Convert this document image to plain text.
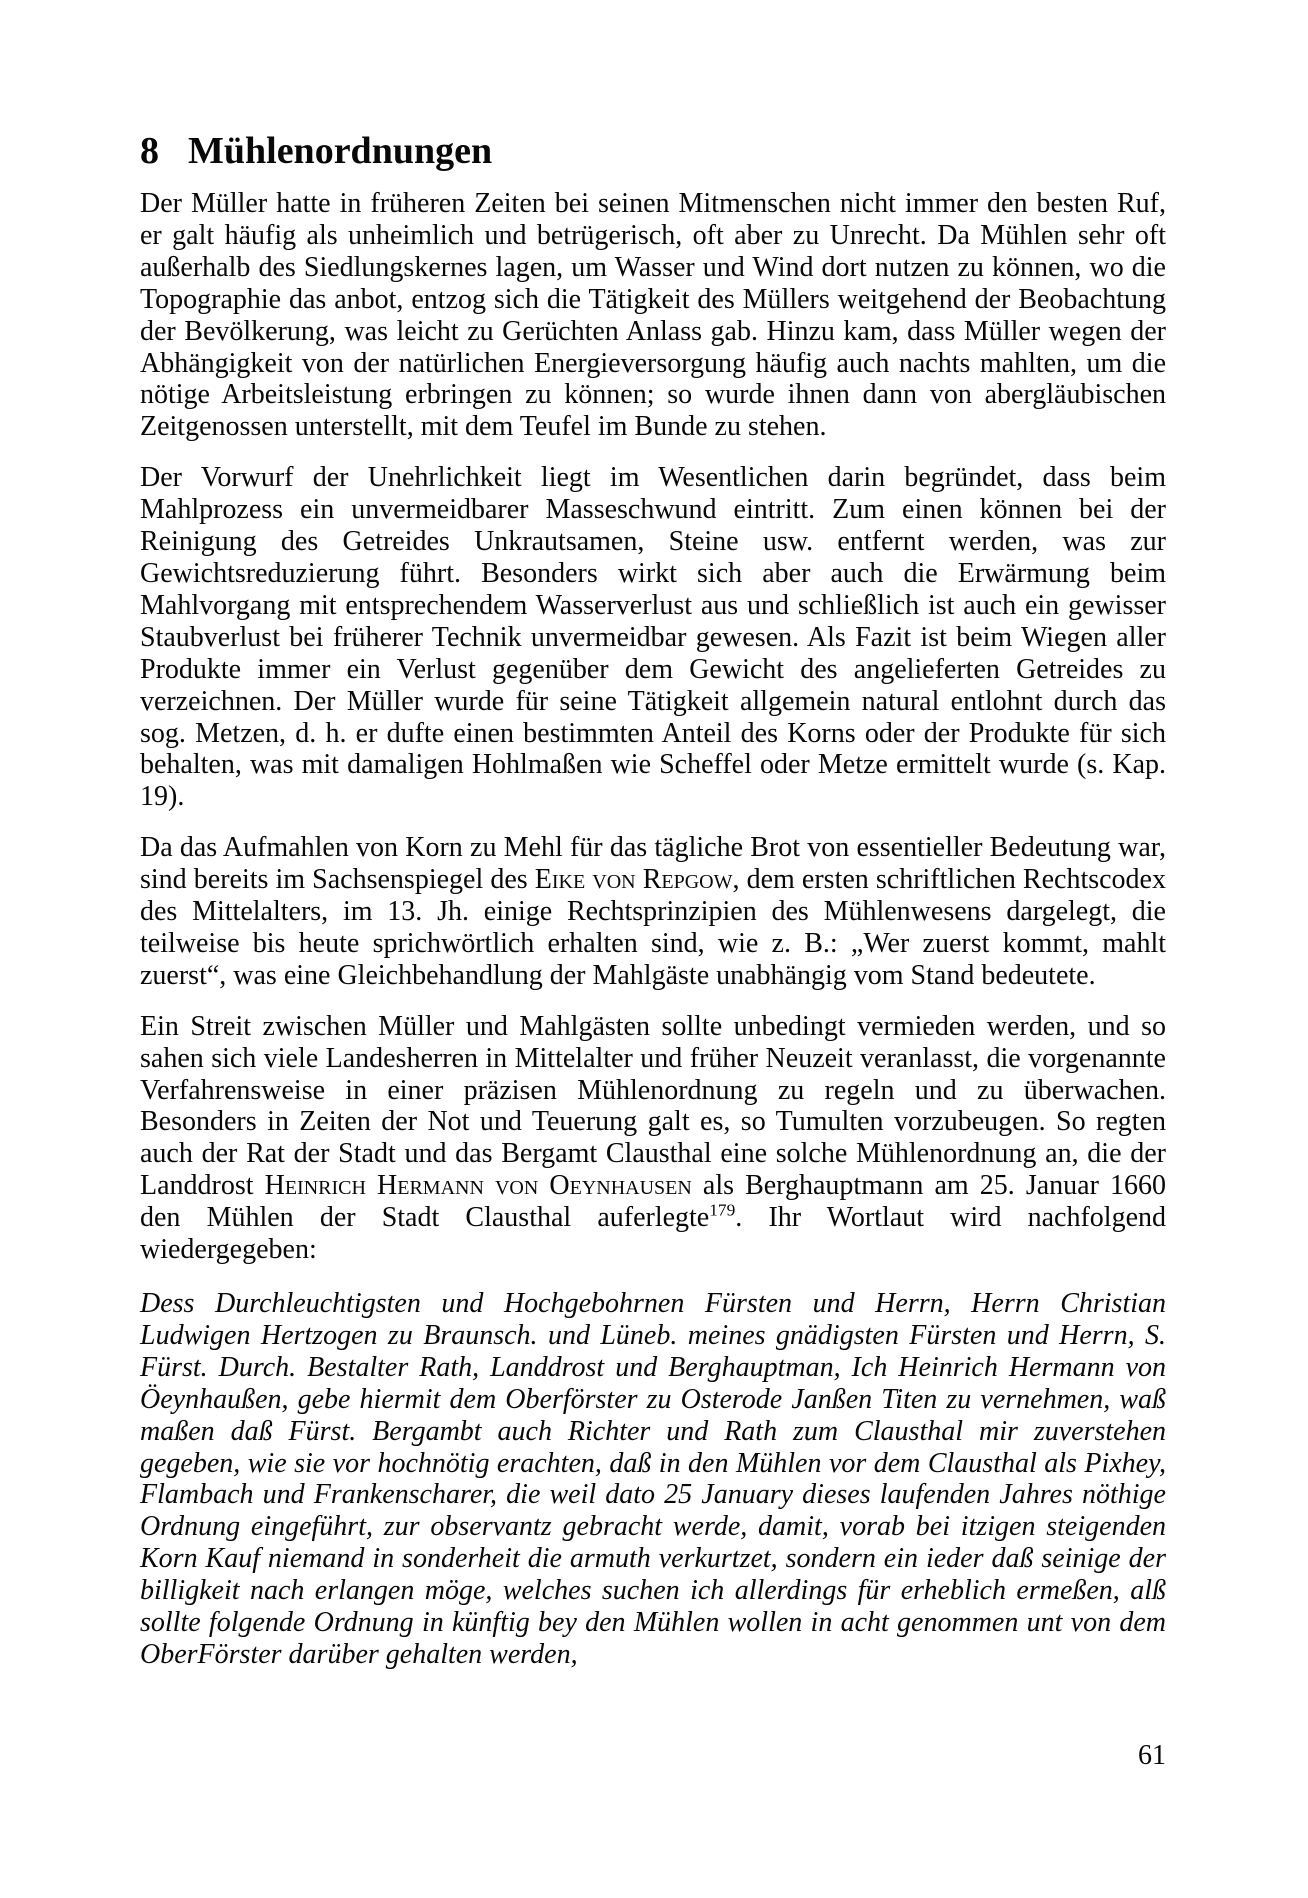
8 Mühlenordnungen

Der Müller hatte in früheren Zeiten bei seinen Mitmenschen nicht immer den besten Ruf, er galt häufig als unheimlich und betrügerisch, oft aber zu Unrecht. Da Mühlen sehr oft außerhalb des Siedlungskernes lagen, um Wasser und Wind dort nutzen zu können, wo die Topographie das anbot, entzog sich die Tätigkeit des Müllers weitgehend der Beobachtung der Bevölkerung, was leicht zu Gerüchten Anlass gab. Hinzu kam, dass Müller wegen der Abhängigkeit von der natürlichen Energieversorgung häufig auch nachts mahlten, um die nötige Arbeitsleistung erbringen zu können; so wurde ihnen dann von abergläubischen Zeitgenossen unterstellt, mit dem Teufel im Bunde zu stehen.

Der Vorwurf der Unehrlichkeit liegt im Wesentlichen darin begründet, dass beim Mahlprozess ein unvermeidbarer Masseschwund eintritt. Zum einen können bei der Reinigung des Getreides Unkrautsamen, Steine usw. entfernt werden, was zur Gewichtsreduzierung führt. Besonders wirkt sich aber auch die Erwärmung beim Mahlvorgang mit entsprechendem Wasserverlust aus und schließlich ist auch ein gewisser Staubverlust bei früherer Technik unvermeidbar gewesen. Als Fazit ist beim Wiegen aller Produkte immer ein Verlust gegenüber dem Gewicht des angelieferten Getreides zu verzeichnen. Der Müller wurde für seine Tätigkeit allgemein natural entlohnt durch das sog. Metzen, d. h. er dufte einen bestimmten Anteil des Korns oder der Produkte für sich behalten, was mit damaligen Hohlmaßen wie Scheffel oder Metze ermittelt wurde (s. Kap. 19).

Da das Aufmahlen von Korn zu Mehl für das tägliche Brot von essentieller Bedeutung war, sind bereits im Sachsenspiegel des Eike von Repgow, dem ersten schriftlichen Rechtscodex des Mittelalters, im 13. Jh. einige Rechtsprinzipien des Mühlenwesens dargelegt, die teilweise bis heute sprichwörtlich erhalten sind, wie z. B.: „Wer zuerst kommt, mahlt zuerst“, was eine Gleichbehandlung der Mahlgäste unabhängig vom Stand bedeutete.

Ein Streit zwischen Müller und Mahlgästen sollte unbedingt vermieden werden, und so sahen sich viele Landesherren in Mittelalter und früher Neuzeit veranlasst, die vorgenannte Verfahrensweise in einer präzisen Mühlenordnung zu regeln und zu überwachen. Besonders in Zeiten der Not und Teuerung galt es, so Tumulten vorzubeugen. So regten auch der Rat der Stadt und das Bergamt Clausthal eine solche Mühlenordnung an, die der Landdrost Heinrich Hermann von Oeynhausen als Berghauptmann am 25. Januar 1660 den Mühlen der Stadt Clausthal auferlegte$^{179}$. Ihr Wortlaut wird nachfolgend wiedergegeben:

Dess Durchleuchtigsten und Hochgebohrnen Fürsten und Herrn, Herrn Christian Ludwigen Hertzogen zu Braunsch. und Lüneb. meines gnädigsten Fürsten und Herrn, S. Fürst. Durch. Bestalter Rath, Landdrost und Berghauptman, Ich Heinrich Hermann von Öeynhaußen, gebe hiermit dem Oberförster zu Osterode Janßen Titen zu vernehmen, waß maßen daß Fürst. Bergambt auch Richter und Rath zum Clausthal mir zuverstehen gegeben, wie sie vor hochnötig erachten, daß in den Mühlen vor dem Clausthal als Pixhey, Flambach und Frankenscharer, die weil dato 25 January dieses laufenden Jahres nöthige Ordnung eingeführt, zur observantz gebracht werde, damit, vorab bei itzigen steigenden Korn Kauf niemand in sonderheit die armuth verkurtzet, sondern ein ieder daß seinige der billigkeit nach erlangen möge, welches suchen ich allerdings für erheblich ermeßen, alß sollte folgende Ordnung in künftig bey den Mühlen wollen in acht genommen unt von dem OberFörster darüber gehalten werden,

61
